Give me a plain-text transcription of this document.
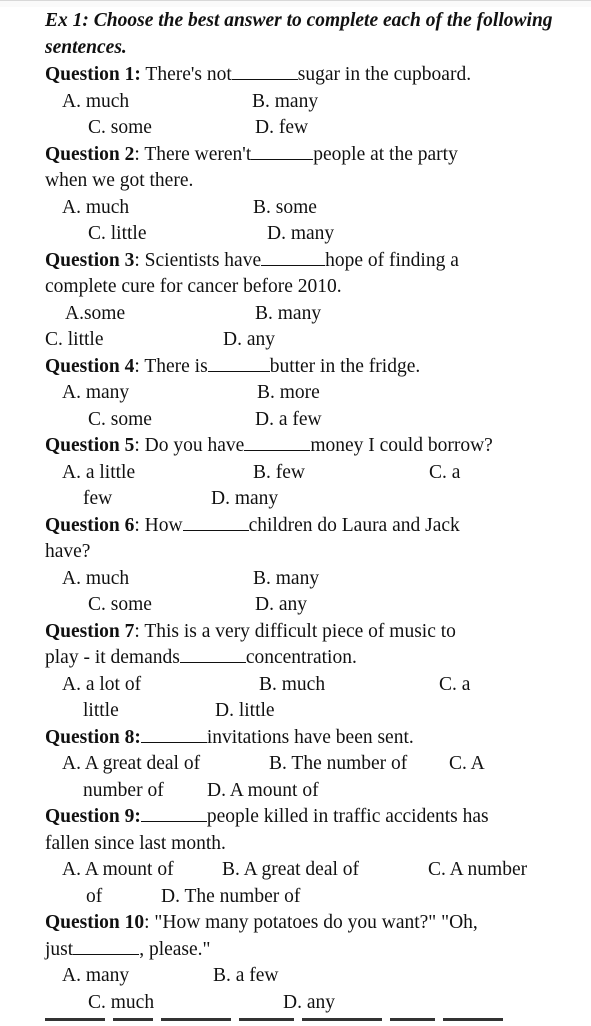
Ex 1: Choose the best answer to complete each of the following sentences.
Question 1: There's not	sugar in the cupboard.
A. much	B. many
C. some	D. few
Question 2: There weren't	people at the party
when we got there.
A. much	B. some
C. little	D. many
Question 3: Scientists have	hope of finding a
complete cure for cancer before 2010.
A.some	B. many
C. little	D. any
Question 4: There is	butter in the fridge.
A. many	B. more
C. some	D. a few
Question 5: Do you have	money I could borrow?
A. a little	B. few	C. a
few	D. many
Question 6: How	children do Laura and Jack
have?
A. much	B. many
C. some	D. any
Question 7: This is a very difficult piece of music to
play - it demands	concentration.
A. a lot of	B. much	C. a
little	D. little
Question 8:	invitations have been sent.
A. A great deal of	B. The number of C. A
number of D. A mount of
Question 9:	people killed in traffic accidents has
fallen since last month.
A. A mount of B. A great deal of	C. A number
of	D. The number of
Question 10: "How many potatoes do you want?" "Oh,
just	, please."
A. many	B. a few
C. much	D. any
